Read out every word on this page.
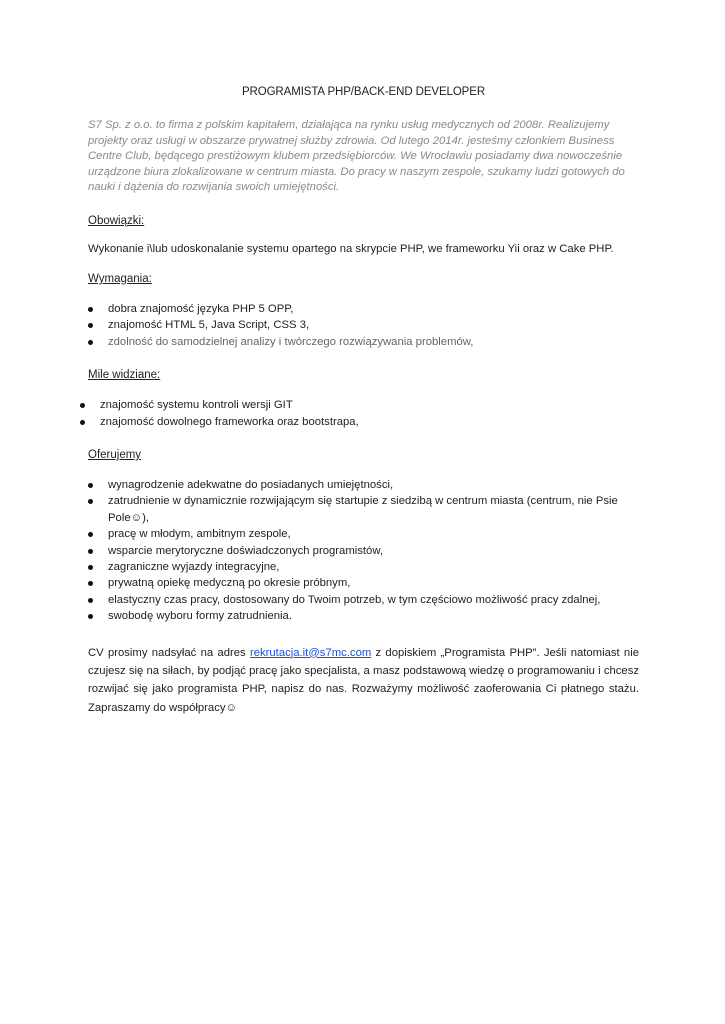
PROGRAMISTA PHP/BACK-END DEVELOPER

S7 Sp. z o.o. to firma z polskim kapitałem, działająca na rynku usług medycznych od 2008r. Realizujemy projekty oraz usługi w obszarze prywatnej służby zdrowia. Od lutego 2014r. jesteśmy członkiem Business Centre Club, będącego prestiżowym klubem przedsiębiorców. We Wrocławiu posiadamy dwa nowocześnie urządzone biura zlokalizowane w centrum miasta. Do pracy w naszym zespole, szukamy ludzi gotowych do nauki i dążenia do rozwijania swoich umiejętności.

Obowiązki:

Wykonanie i\lub udoskonalanie systemu opartego na skrypcie PHP, we frameworku Yii oraz w Cake PHP.

Wymagania:

dobra znajomość języka PHP 5 OPP,
znajomość HTML 5, Java Script, CSS 3,
zdolność do samodzielnej analizy i twórczego rozwiązywania problemów,

Mile widziane:

znajomość systemu kontroli wersji GIT
znajomość dowolnego frameworka oraz bootstrapa,

Oferujemy

wynagrodzenie adekwatne do posiadanych umiejętności,
zatrudnienie w dynamicznie rozwijającym się startupie z siedzibą w centrum miasta (centrum, nie Psie Pole☺),
pracę w młodym, ambitnym zespole,
wsparcie merytoryczne doświadczonych programistów,
zagraniczne wyjazdy integracyjne,
prywatną opiekę medyczną po okresie próbnym,
elastyczny czas pracy, dostosowany do Twoim potrzeb, w tym częściowo możliwość pracy zdalnej,
swobodę wyboru formy zatrudnienia.

CV prosimy nadsyłać na adres rekrutacja.it@s7mc.com z dopiskiem „Programista PHP”. Jeśli natomiast nie czujesz się na siłach, by podjąć pracę jako specjalista, a masz podstawową wiedzę o programowaniu i chcesz rozwijać się jako programista PHP, napisz do nas. Rozważymy możliwość zaoferowania Ci płatnego stażu. Zapraszamy do współpracy☺
